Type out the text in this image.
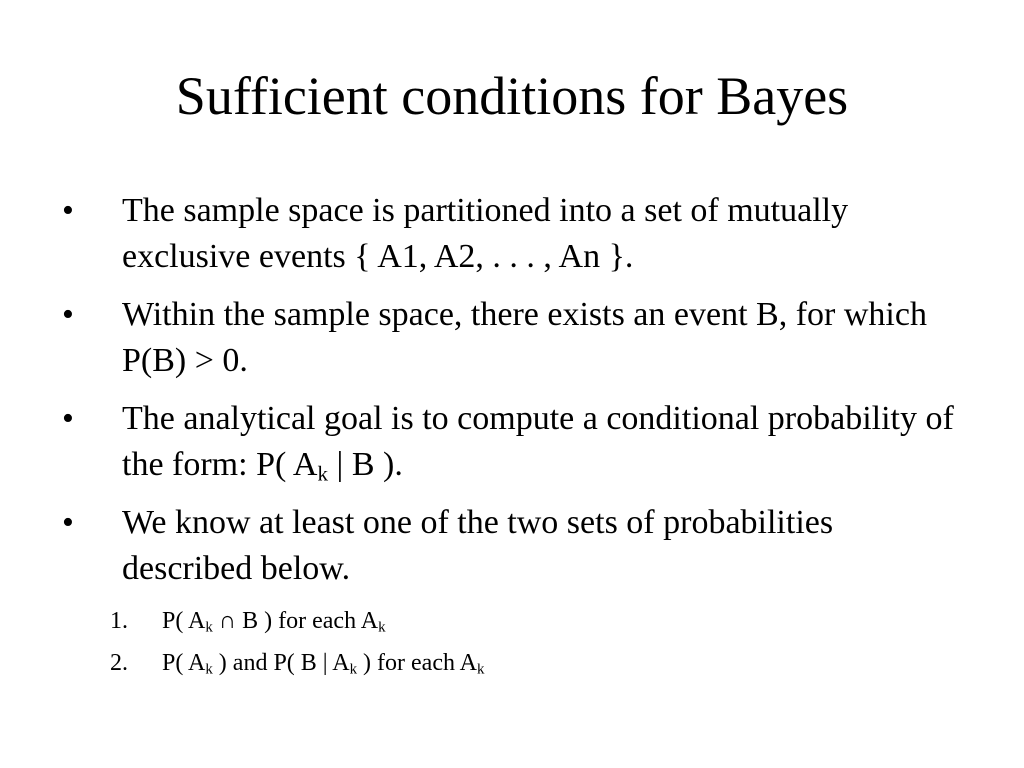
Sufficient conditions for Bayes
• The sample space is partitioned into a set of mutually exclusive events { A1, A2, . . . , An }.
• Within the sample space, there exists an event B, for which P(B) > 0.
• The analytical goal is to compute a conditional probability of the form: P( $A_k$ | B ).
• We know at least one of the two sets of probabilities described below.
1. P( $A_k$ ∩ B ) for each $A_k$
2. P( $A_k$ ) and P( B | $A_k$ ) for each $A_k$
